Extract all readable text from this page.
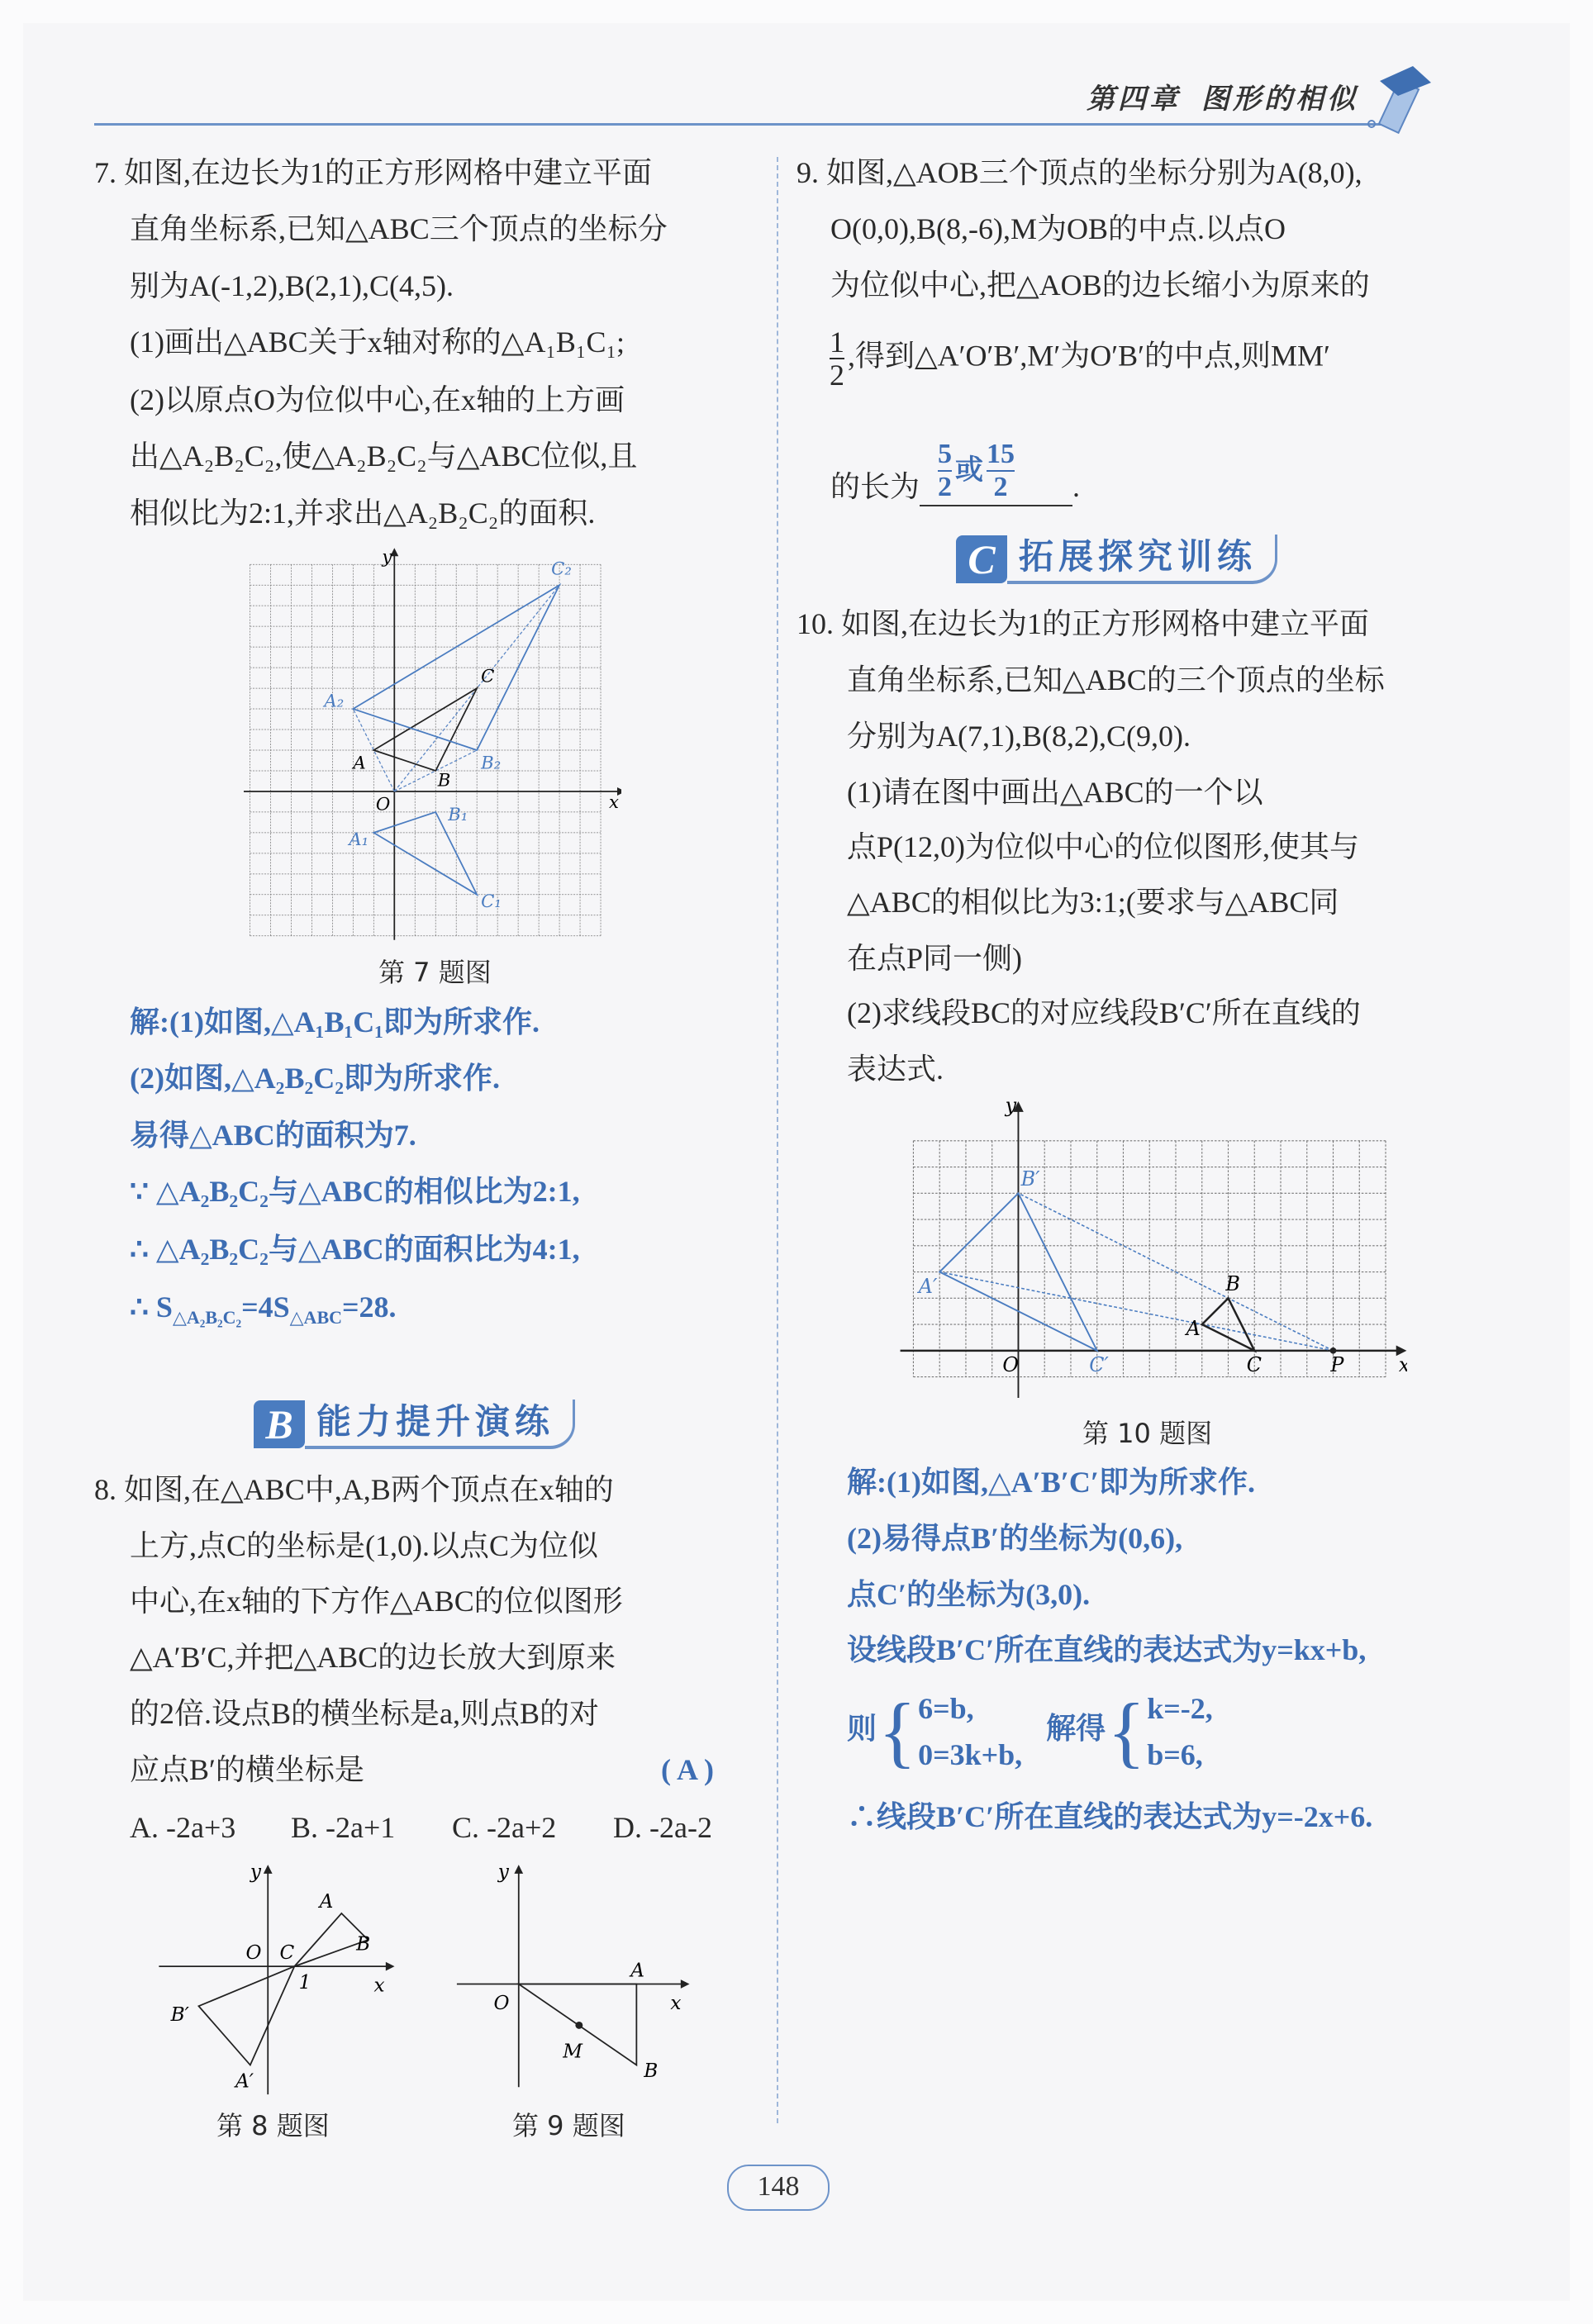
第四章 图形的相似
7. 如图,在边长为1的正方形网格中建立平面
直角坐标系,已知△ABC三个顶点的坐标分
别为A(-1,2),B(2,1),C(4,5).
(1)画出△ABC关于x轴对称的△A₁B₁C₁;
(2)以原点O为位似中心,在x轴的上方画
出△A₂B₂C₂,使△A₂B₂C₂与△ABC位似,且
相似比为2:1,并求出△A₂B₂C₂的面积.
第 7 题图
解:(1)如图,△A₁B₁C₁即为所求作.
(2)如图,△A₂B₂C₂即为所求作.
易得△ABC的面积为7.
∵ △A₂B₂C₂与△ABC的相似比为2:1,
∴ △A₂B₂C₂与△ABC的面积比为4:1,
∴ $S_{\triangle A_2B_2C_2}=4S_{\triangle ABC}=28$.
B 能力提升演练
8. 如图,在△ABC中,A,B两个顶点在x轴的
上方,点C的坐标是(1,0).以点C为位似
中心,在x轴的下方作△ABC的位似图形
△A′B′C,并把△ABC的边长放大到原来
的2倍.设点B的横坐标是a,则点B的对
应点B′的横坐标是	( A )
A. -2a+3 B. -2a+1 C. -2a+2 D. -2a-2
y
x
O C
1
A
B
A′
B′
第 8 题图
y
x
O
A
B
M
第 9 题图
9. 如图,△AOB三个顶点的坐标分别为A(8,0),
O(0,0),B(8,-6),M为OB的中点.以点O
为位似中心,把△AOB的边长缩小为原来的
$\frac{1}{2}$ ,得到△A′O′B′,M′为O′B′的中点,则MM′
的长为 $\frac{5}{2}$ 或 $\frac{15}{2}$ .
C 拓展探究训练
10. 如图,在边长为1的正方形网格中建立平面
直角坐标系,已知△ABC的三个顶点的坐标
分别为A(7,1),B(8,2),C(9,0).
(1)请在图中画出△ABC的一个以
点P(12,0)为位似中心的位似图形,使其与
△ABC的相似比为3:1;(要求与△ABC同
在点P同一侧)
(2)求线段BC的对应线段B′C′所在直线的
表达式.
第 10 题图
解:(1)如图,△A′B′C′即为所求作.
(2)易得点B′的坐标为(0,6),
点C′的坐标为(3,0).
设线段B′C′所在直线的表达式为y=kx+b,
则 { 6=b,
0=3k+b,
解得 { k=-2,
b=6,
∴线段B′C′所在直线的表达式为y=-2x+6.
148
